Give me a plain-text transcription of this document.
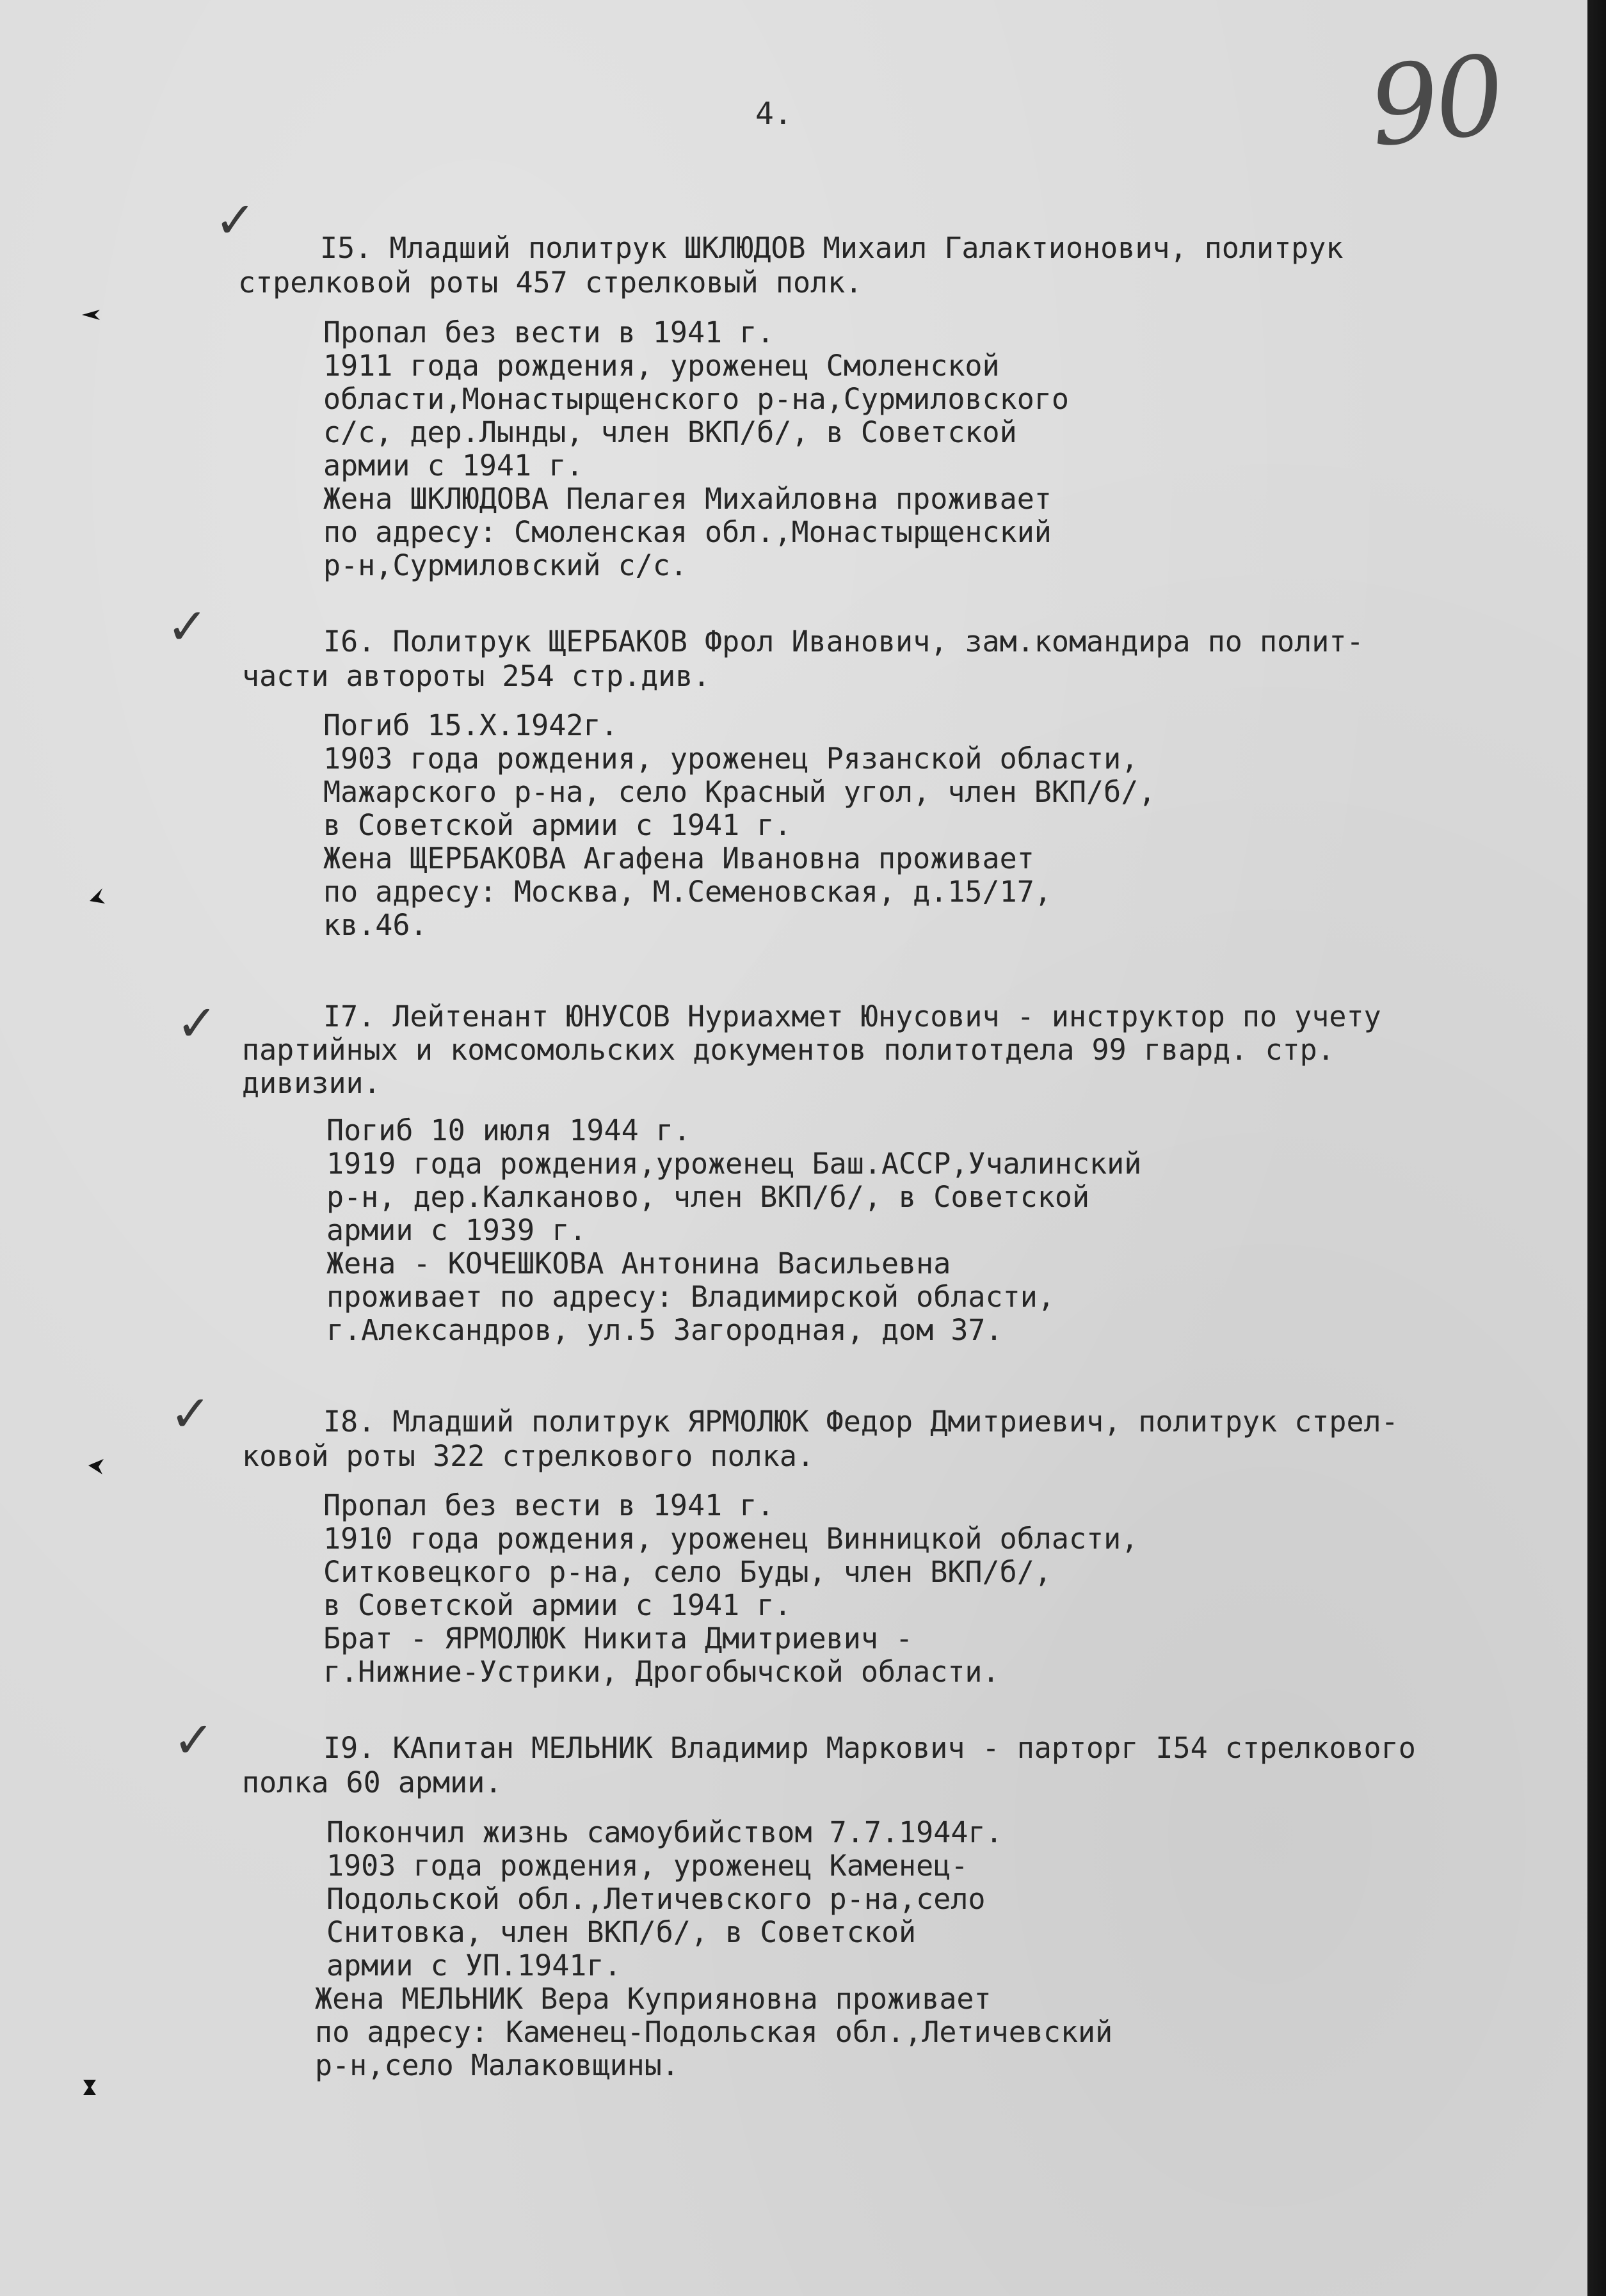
4.	90
✓
✓
✓
✓
✓

I5. Младший политрук ШКЛЮДОВ Михаил Галактионович, политрук

стрелковой роты 457 стрелковый полк.

Пропал без вести в 1941 г.

1911 года рождения, уроженец Смоленской

области,Монастырщенского р-на,Сурмиловского

с/с, дер.Лынды, член ВКП/б/, в Советской

армии с 1941 г.

Жена ШКЛЮДОВА Пелагея Михайловна проживает

по адресу: Смоленская обл.,Монастырщенский

р-н,Сурмиловский с/с.

I6. Политрук ЩЕРБАКОВ Фрол Иванович, зам.командира по полит-

части автороты 254 стр.див.

Погиб 15.Х.1942г.

1903 года рождения, уроженец Рязанской области,

Мажарского р-на, село Красный угол, член ВКП/б/,

в Советской армии с 1941 г.

Жена ЩЕРБАКОВА Агафена Ивановна проживает

по адресу: Москва, М.Семеновская, д.15/17,

кв.46.

I7. Лейтенант ЮНУСОВ Нуриахмет Юнусович - инструктор по учету

партийных и комсомольских документов политотдела 99 гвард. стр.

дивизии.

Погиб 10 июля 1944 г.

1919 года рождения,уроженец Баш.АССР,Учалинский

р-н, дер.Калканово, член ВКП/б/, в Советской

армии с 1939 г.

Жена - КОЧЕШКОВА Антонина Васильевна

проживает по адресу: Владимирской области,

г.Александров, ул.5 Загородная, дом 37.

I8. Младший политрук ЯРМОЛЮК Федор Дмитриевич, политрук стрел-

ковой роты 322 стрелкового полка.

Пропал без вести в 1941 г.

1910 года рождения, уроженец Винницкой области,

Ситковецкого р-на, село Буды, член ВКП/б/,

в Советской армии с 1941 г.

Брат - ЯРМОЛЮК Никита Дмитриевич -

г.Нижние-Устрики, Дрогобычской области.

I9. КАпитан МЕЛЬНИК Владимир Маркович - парторг I54 стрелкового

полка 60 армии.

Покончил жизнь самоубийством 7.7.1944г.

1903 года рождения, уроженец Каменец-

Подольской обл.,Летичевского р-на,село

Снитовка, член ВКП/б/, в Советской

армии с УП.1941г.

Жена МЕЛЬНИК Вера Куприяновна проживает

по адресу: Каменец-Подольская обл.,Летичевский

р-н,село Малаковщины.
